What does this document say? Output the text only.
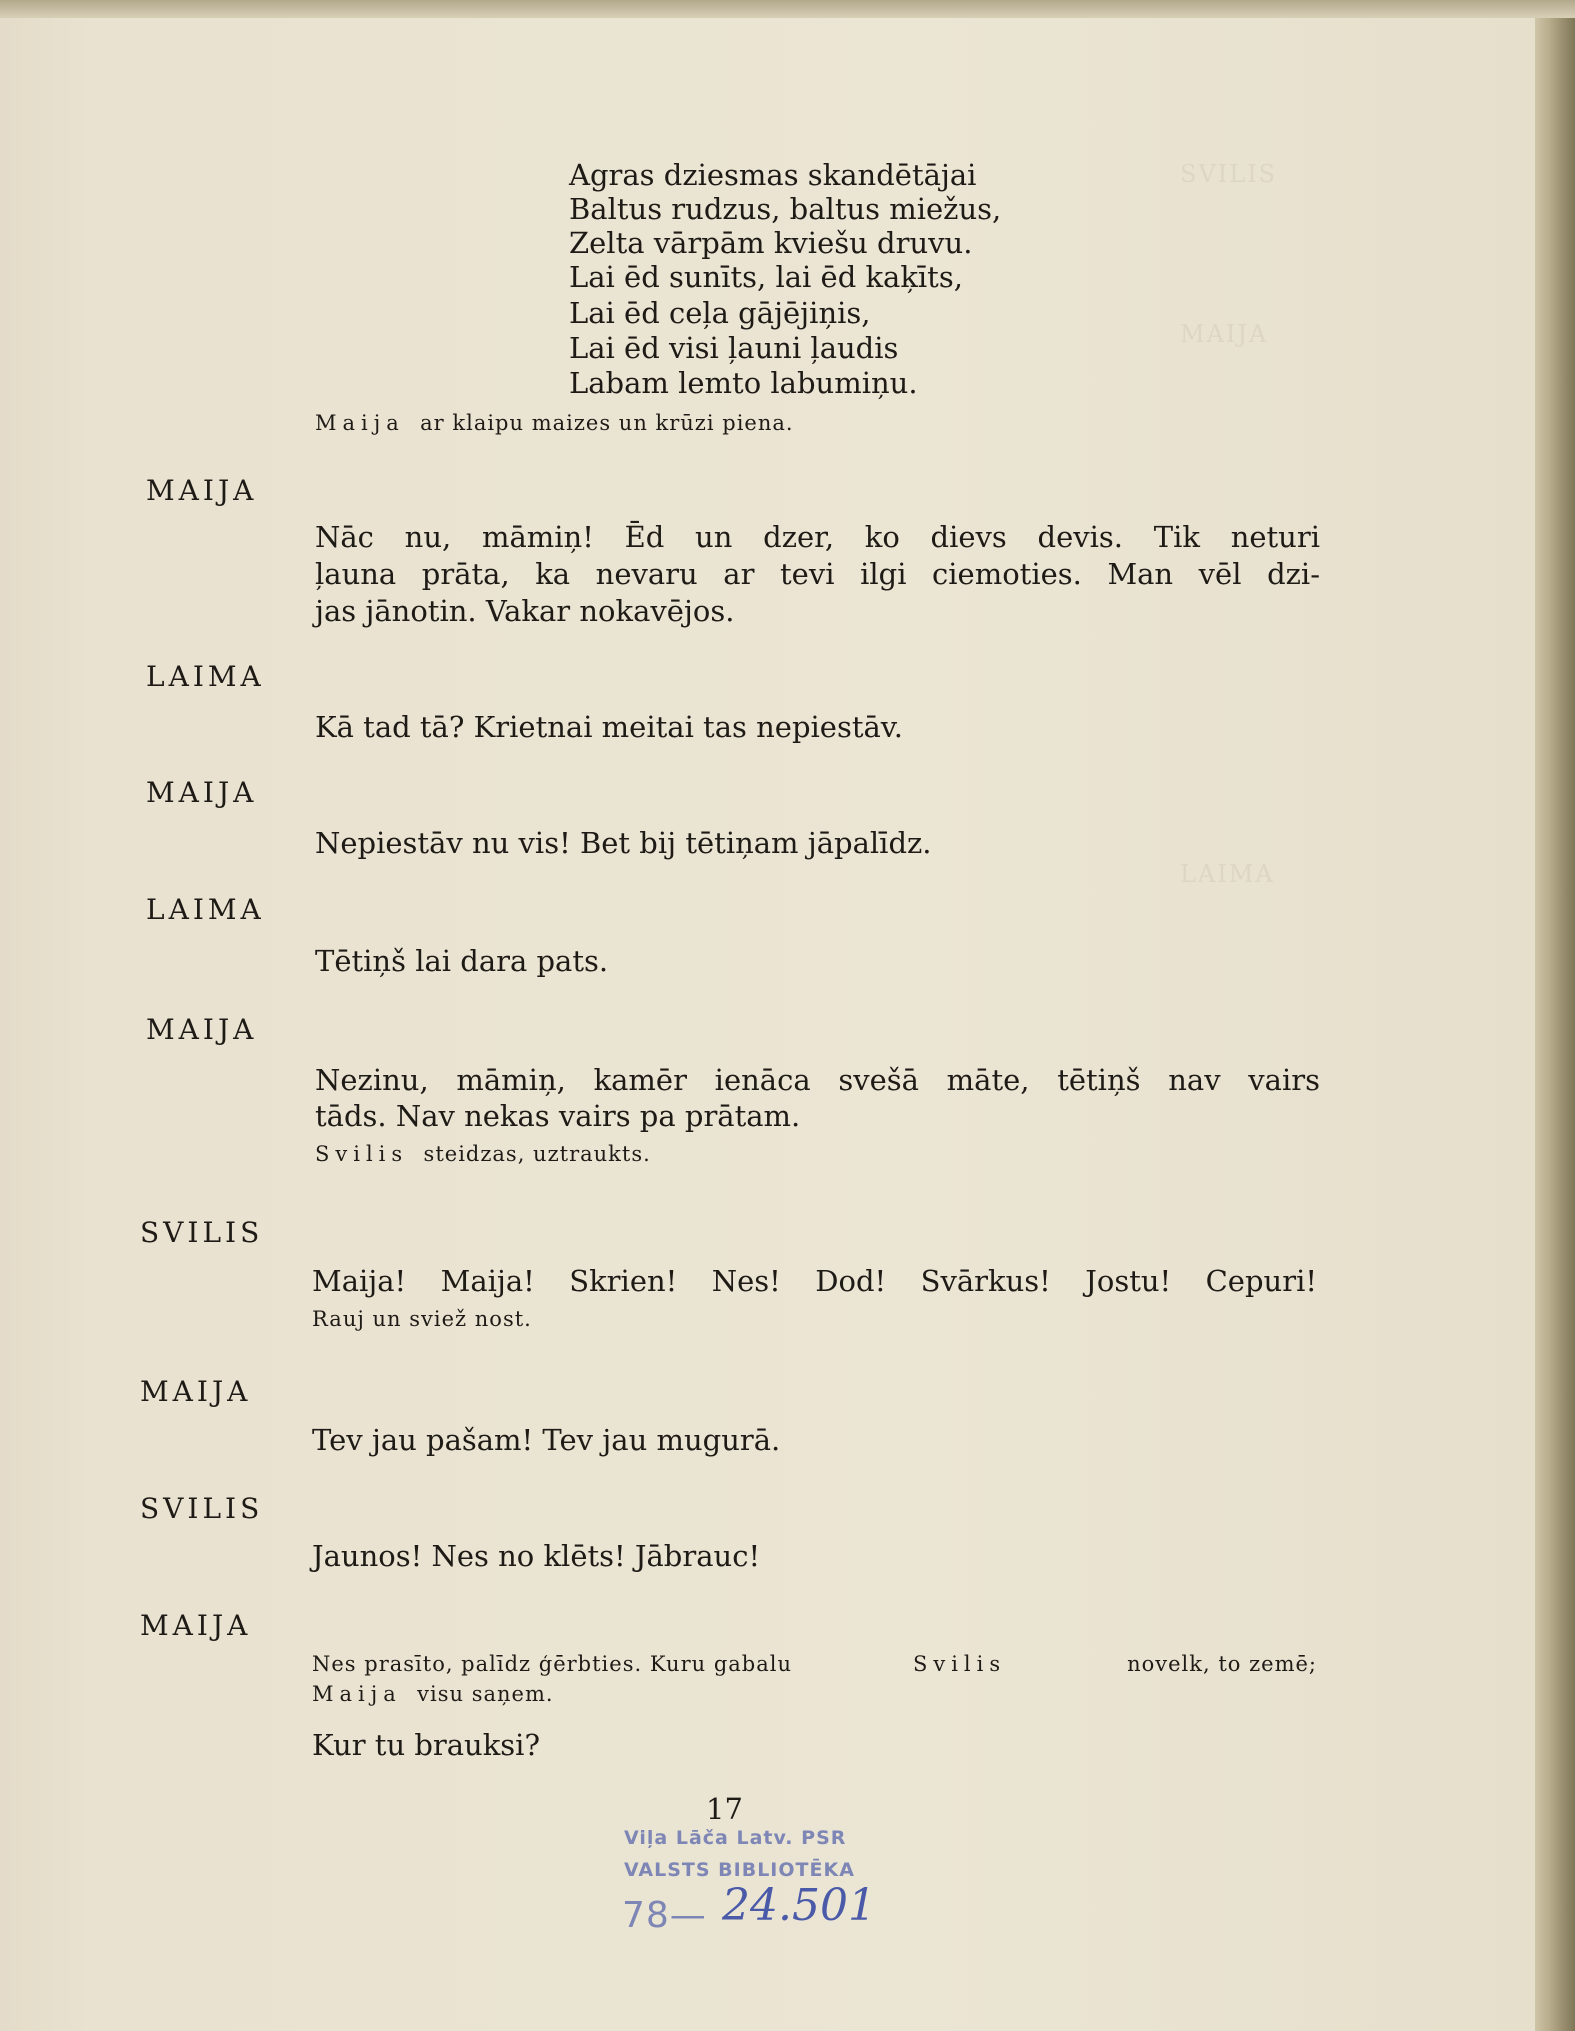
SVILIS
MAIJA
LAIMA
Agras dziesmas skandētājai
Baltus rudzus, baltus miežus,
Zelta vārpām kviešu druvu.
Lai ēd sunīts, lai ēd kaķīts,
Lai ēd ceļa gājējiņis,
Lai ēd visi ļauni ļaudis
Labam lemto labumiņu.
Maija ar klaipu maizes un krūzi piena.
MAIJA
Nāc nu, māmiņ! Ēd un dzer, ko dievs devis. Tik neturi
ļauna prāta, ka nevaru ar tevi ilgi ciemoties. Man vēl dzi-
jas jānotin. Vakar nokavējos.
LAIMA
Kā tad tā? Krietnai meitai tas nepiestāv.
MAIJA
Nepiestāv nu vis! Bet bij tētiņam jāpalīdz.
LAIMA
Tētiņš lai dara pats.
MAIJA
Nezinu, māmiņ, kamēr ienāca svešā māte, tētiņš nav vairs
tāds. Nav nekas vairs pa prātam.
Svilis steidzas, uztraukts.
SVILIS
Maija! Maija! Skrien! Nes! Dod! Svārkus! Jostu! Cepuri!
Rauj un sviež nost.
MAIJA
Tev jau pašam! Tev jau mugurā.
SVILIS
Jaunos! Nes no klēts! Jābrauc!
MAIJA
Nes prasīto, palīdz ģērbties. Kuru gabalu	Svilis	novelk, to zemē;
Maija visu saņem.
Kur tu brauksi?
17
Viļa Lāča Latv. PSR
VALSTS BIBLIOTĒKA
78— 24.501
